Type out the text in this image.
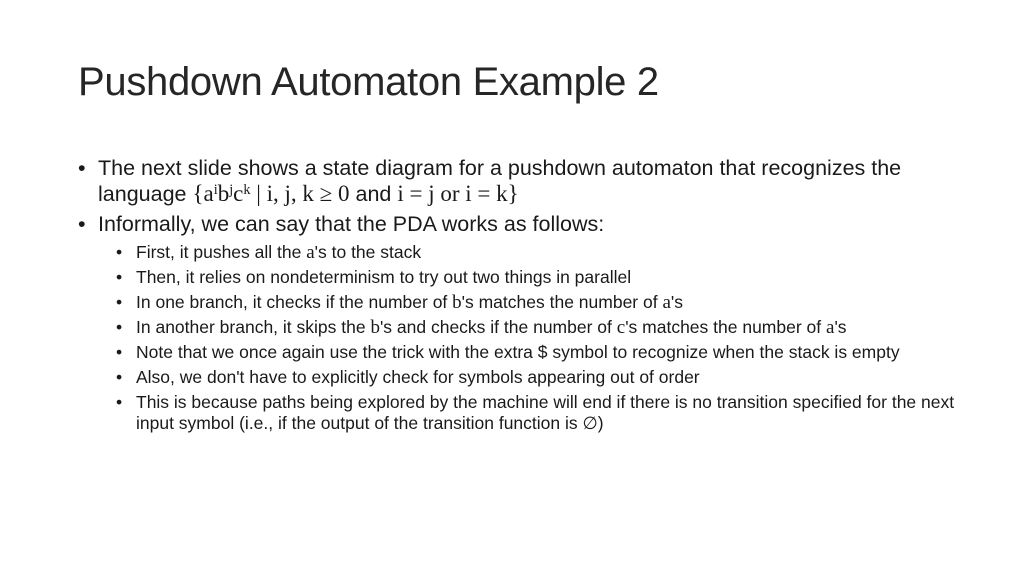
Pushdown Automaton Example 2
• The next slide shows a state diagram for a pushdown automaton that recognizes the language {$a^ib^jc^k$ | i, j, k ≥ 0 and i = j or i = k}
• Informally, we can say that the PDA works as follows:
• First, it pushes all the a's to the stack
• Then, it relies on nondeterminism to try out two things in parallel
• In one branch, it checks if the number of b's matches the number of a's
• In another branch, it skips the b's and checks if the number of c's matches the number of a's
• Note that we once again use the trick with the extra $ symbol to recognize when the stack is empty
• Also, we don't have to explicitly check for symbols appearing out of order
• This is because paths being explored by the machine will end if there is no transition specified for the next input symbol (i.e., if the output of the transition function is ∅)
